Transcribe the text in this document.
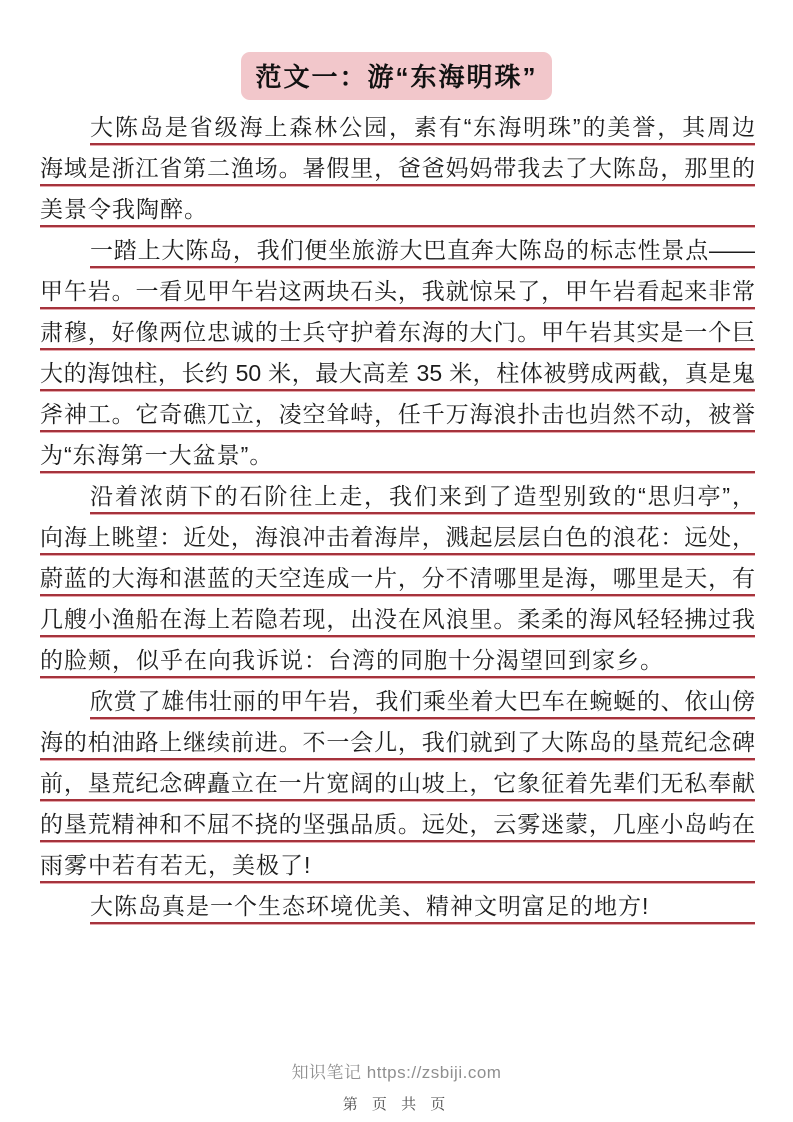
范文一：游“东海明珠”
大陈岛是省级海上森林公园，素有“东海明珠”的美誉，其周边
海域是浙江省第二渔场。暑假里，爸爸妈妈带我去了大陈岛，那里的
美景令我陶醉。
一踏上大陈岛，我们便坐旅游大巴直奔大陈岛的标志性景点——
甲午岩。一看见甲午岩这两块石头，我就惊呆了，甲午岩看起来非常
肃穆，好像两位忠诚的士兵守护着东海的大门。甲午岩其实是一个巨
大的海蚀柱，长约 50 米，最大高差 35 米，柱体被劈成两截，真是鬼
斧神工。它奇礁兀立，凌空耸峙，任千万海浪扑击也岿然不动，被誉
为“东海第一大盆景”。
沿着浓荫下的石阶往上走，我们来到了造型别致的“思归亭”，
向海上眺望：近处，海浪冲击着海岸，溅起层层白色的浪花：远处，
蔚蓝的大海和湛蓝的天空连成一片，分不清哪里是海，哪里是天，有
几艘小渔船在海上若隐若现，出没在风浪里。柔柔的海风轻轻拂过我
的脸颊，似乎在向我诉说：台湾的同胞十分渴望回到家乡。
欣赏了雄伟壮丽的甲午岩，我们乘坐着大巴车在蜿蜒的、依山傍
海的柏油路上继续前进。不一会儿，我们就到了大陈岛的垦荒纪念碑
前，垦荒纪念碑矗立在一片宽阔的山坡上，它象征着先辈们无私奉献
的垦荒精神和不屈不挠的坚强品质。远处，云雾迷蒙，几座小岛屿在
雨雾中若有若无，美极了!
大陈岛真是一个生态环境优美、精神文明富足的地方!
知识笔记 https://zsbiji.com
第 页 共 页
